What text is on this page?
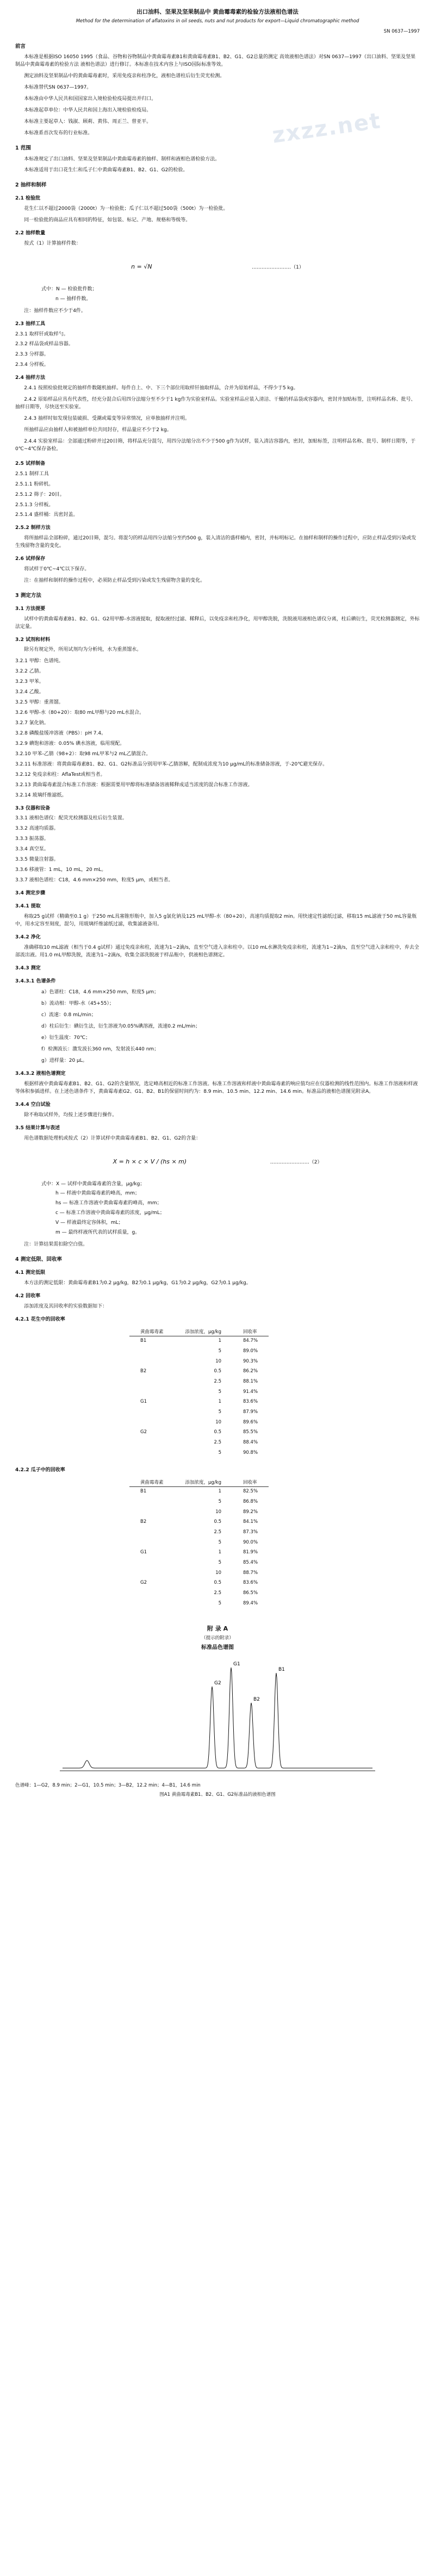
zxzz.net
出口油料、坚果及坚果制品中 黄曲霉毒素的检验方法液相色谱法
Method for the determination of aflatoxins in oil seeds, nuts and nut products for export—Liquid chromatographic method
SN 0637—1997
前言

本标准是根据ISO 16050 1995（食品、谷物和谷物制品中黄曲霉毒素B1和黄曲霉毒素B1、B2、G1、G2总量的测定 高效液相色谱法）对SN 0637—1997（出口油料、坚果及坚果制品中黄曲霉毒素的检验方法 液相色谱法）进行修订。本标准在技术内容上与ISO国际标准等效。

测定油料及坚果制品中的黄曲霉毒素时，采用免疫亲和柱净化，液相色谱柱后衍生荧光检测。

本标准替代SN 0637—1997。

本标准由中华人民共和国国家出入境检验检疫局提出并归口。

本标准起草单位：中华人民共和国上海出入境检验检疫局。

本标准主要起草人：钱淑、顾莉、黄伟、周正兰、曾亚平。

本标准系首次发布的行业标准。

1 范围

本标准规定了出口油料、坚果及坚果制品中黄曲霉毒素的抽样、制样和液相色谱检验方法。

本标准适用于出口花生仁和瓜子仁中黄曲霉毒素B1、B2、G1、G2的检验。

2 抽样和制样
2.1 检验批

花生仁以不超过2000袋（2000t）为一检验批；瓜子仁以不超过500袋（500t）为一检验批。

同一检验批的商品应具有相同的特征，如包装、标记、产地、规格和等级等。

2.2 抽样数量

按式（1）计算抽样件数：

n = √N	……………………（1）
式中：N — 检验批件数；
n — 抽样件数。

注：抽样件数应不少于4件。

2.3 抽样工具
2.3.1 取样钎或取样勺。
2.3.2 样品袋或样品容器。
2.3.3 分样器。
2.3.4 分样板。
2.4 抽样方法

2.4.1 按照检验批规定的抽样件数随机抽样。每件自上、中、下三个部位用取样钎抽取样品，合并为原始样品，不得少于5 kg。

2.4.2 原始样品应具有代表性，经充分混合后用四分法缩分至不少于1 kg作为实验室样品。实验室样品应装入清洁、干燥的样品袋或容器内，密封并加贴标签，注明样品名称、批号、抽样日期等，尽快送至实验室。

2.4.3 抽样时如发现包装破损、受潮或霉变等异常情况，应单独抽样并注明。

所抽样品应由抽样人和被抽样单位共同封存，样品量应不少于2 kg。

2.4.4 实验室样品：全部通过粉碎并过20目筛，将样品充分混匀，用四分法缩分出不少于500 g作为试样，装入清洁容器内，密封，加贴标签，注明样品名称、批号、制样日期等，于0℃~4℃保存备检。

2.5 试样制备
2.5.1 制样工具
2.5.1.1 粉碎机。
2.5.1.2 筛子：20目。
2.5.1.3 分样板。
2.5.1.4 盛样桶：具密封盖。
2.5.2 制样方法

将所抽样品全部粉碎，通过20目筛，混匀。将混匀的样品用四分法缩分至约500 g，装入清洁的盛样桶内，密封，并标明标记。在抽样和制样的操作过程中，应防止样品受到污染或发生残留物含量的变化。

2.6 试样保存

将试样于0℃~4℃以下保存。

注：在抽样和制样的操作过程中，必须防止样品受到污染或发生残留物含量的变化。

3 测定方法
3.1 方法提要

试样中的黄曲霉毒素B1、B2、G1、G2用甲醇-水溶液提取，提取液经过滤、稀释后，以免疫亲和柱净化，用甲醇洗脱，洗脱液用液相色谱仪分离，柱后碘衍生，荧光检测器测定，外标法定量。

3.2 试剂和材料

除另有规定外，所用试剂均为分析纯，水为重蒸馏水。

3.2.1 甲醇：色谱纯。
3.2.2 乙腈。
3.2.3 甲苯。
3.2.4 乙酸。
3.2.5 甲醇：重蒸馏。
3.2.6 甲醇-水（80+20）：取80 mL甲醇与20 mL水混合。
3.2.7 氯化钠。
3.2.8 磷酸盐缓冲溶液（PBS）：pH 7.4。
3.2.9 碘饱和溶液：0.05% 碘水溶液，临用现配。
3.2.10 甲苯-乙腈（98+2）：取98 mL甲苯与2 mL乙腈混合。
3.2.11 标准溶液：将黄曲霉毒素B1、B2、G1、G2标准品分别用甲苯-乙腈溶解，配制成浓度为10 μg/mL的标准储备溶液，于-20℃避光保存。
3.2.12 免疫亲和柱：AflaTest或相当者。
3.2.13 黄曲霉毒素混合标准工作溶液：根据需要用甲醇将标准储备溶液稀释成适当浓度的混合标准工作溶液。
3.2.14 玻璃纤维滤纸。
3.3 仪器和设备
3.3.1 液相色谱仪：配荧光检测器及柱后衍生装置。
3.3.2 高速均质器。
3.3.3 振荡器。
3.3.4 真空泵。
3.3.5 微量注射器。
3.3.6 移液管：1 mL，10 mL，20 mL。
3.3.7 液相色谱柱：C18，4.6 mm×250 mm，粒度5 μm，或相当者。
3.4 测定步骤
3.4.1 提取

称取25 g试样（精确至0.1 g）于250 mL具塞锥形瓶中，加入5 g氯化钠及125 mL甲醇-水（80+20），高速均质提取2 min。用快速定性滤纸过滤，移取15 mL滤液于50 mL容量瓶中，用水定容至刻度，混匀，用玻璃纤维滤纸过滤，收集滤液备用。

3.4.2 净化

准确移取10 mL滤液（相当于0.4 g试样）通过免疫亲和柱，流速为1~2滴/s，直至空气进入亲和柱中。以10 mL水淋洗免疫亲和柱，流速为1~2滴/s，直至空气进入亲和柱中，弃去全部流出液。用1.0 mL甲醇洗脱，流速为1~2滴/s，收集全部洗脱液于样品瓶中，供液相色谱测定。

3.4.3 测定
3.4.3.1 色谱条件
a）色谱柱：C18，4.6 mm×250 mm，粒度5 μm；
b）流动相：甲醇-水（45+55）；
c）流速：0.8 mL/min；
d）柱后衍生：碘衍生法，衍生溶液为0.05%碘溶液，流速0.2 mL/min；
e）衍生温度：70℃；
f）检测波长：激发波长360 nm，发射波长440 nm；
g）进样量：20 μL。
3.4.3.2 液相色谱测定

根据样液中黄曲霉毒素B1、B2、G1、G2的含量情况，选定峰高相近的标准工作溶液。标准工作溶液和样液中黄曲霉毒素的响应值均应在仪器检测的线性范围内。标准工作溶液和样液等体积参插进样。在上述色谱条件下，黄曲霉毒素G2、G1、B2、B1的保留时间约为：8.9 min、10.5 min、12.2 min、14.6 min。标准品的液相色谱图见附录A。

3.4.4 空白试验

除不称取试样外，均按上述步骤进行操作。

3.5 结果计算与表述

用色谱数据处理机或按式（2）计算试样中黄曲霉毒素B1、B2、G1、G2的含量：

X = h × c × V / (hs × m)	……………………（2）
式中：X — 试样中黄曲霉毒素的含量，μg/kg；
h — 样液中黄曲霉毒素的峰高，mm；
hs — 标准工作溶液中黄曲霉毒素的峰高，mm；
c — 标准工作溶液中黄曲霉毒素的浓度，μg/mL；
V — 样液最终定容体积，mL；
m — 最终样液所代表的试样质量，g。

注：计算结果需扣除空白值。

4 测定低限、回收率
4.1 测定低限

本方法的测定低限：黄曲霉毒素B1为0.2 μg/kg，B2为0.1 μg/kg，G1为0.2 μg/kg，G2为0.1 μg/kg。

4.2 回收率

添加浓度及其回收率的实验数据如下：

4.2.1 花生中的回收率
黄曲霉毒素	添加浓度，μg/kg	回收率
B1	1	84.7%
	5	89.0%
	10	90.3%
B2	0.5	86.2%
	2.5	88.1%
	5	91.4%
G1	1	83.6%
	5	87.9%
	10	89.6%
G2	0.5	85.5%
	2.5	88.4%
	5	90.8%
4.2.2 瓜子中的回收率
黄曲霉毒素	添加浓度，μg/kg	回收率
B1	1	82.5%
	5	86.8%
	10	89.2%
B2	0.5	84.1%
	2.5	87.3%
	5	90.0%
G1	1	81.9%
	5	85.4%
	10	88.7%
G2	0.5	83.6%
	2.5	86.5%
	5	89.4%
附 录 A
（提示的附录）
标准品色谱图
G2
G1
B2
B1
色谱峰：1—G2，8.9 min；2—G1，10.5 min；3—B2，12.2 min；4—B1，14.6 min
图A1 黄曲霉毒素B1、B2、G1、G2标准品的液相色谱图
